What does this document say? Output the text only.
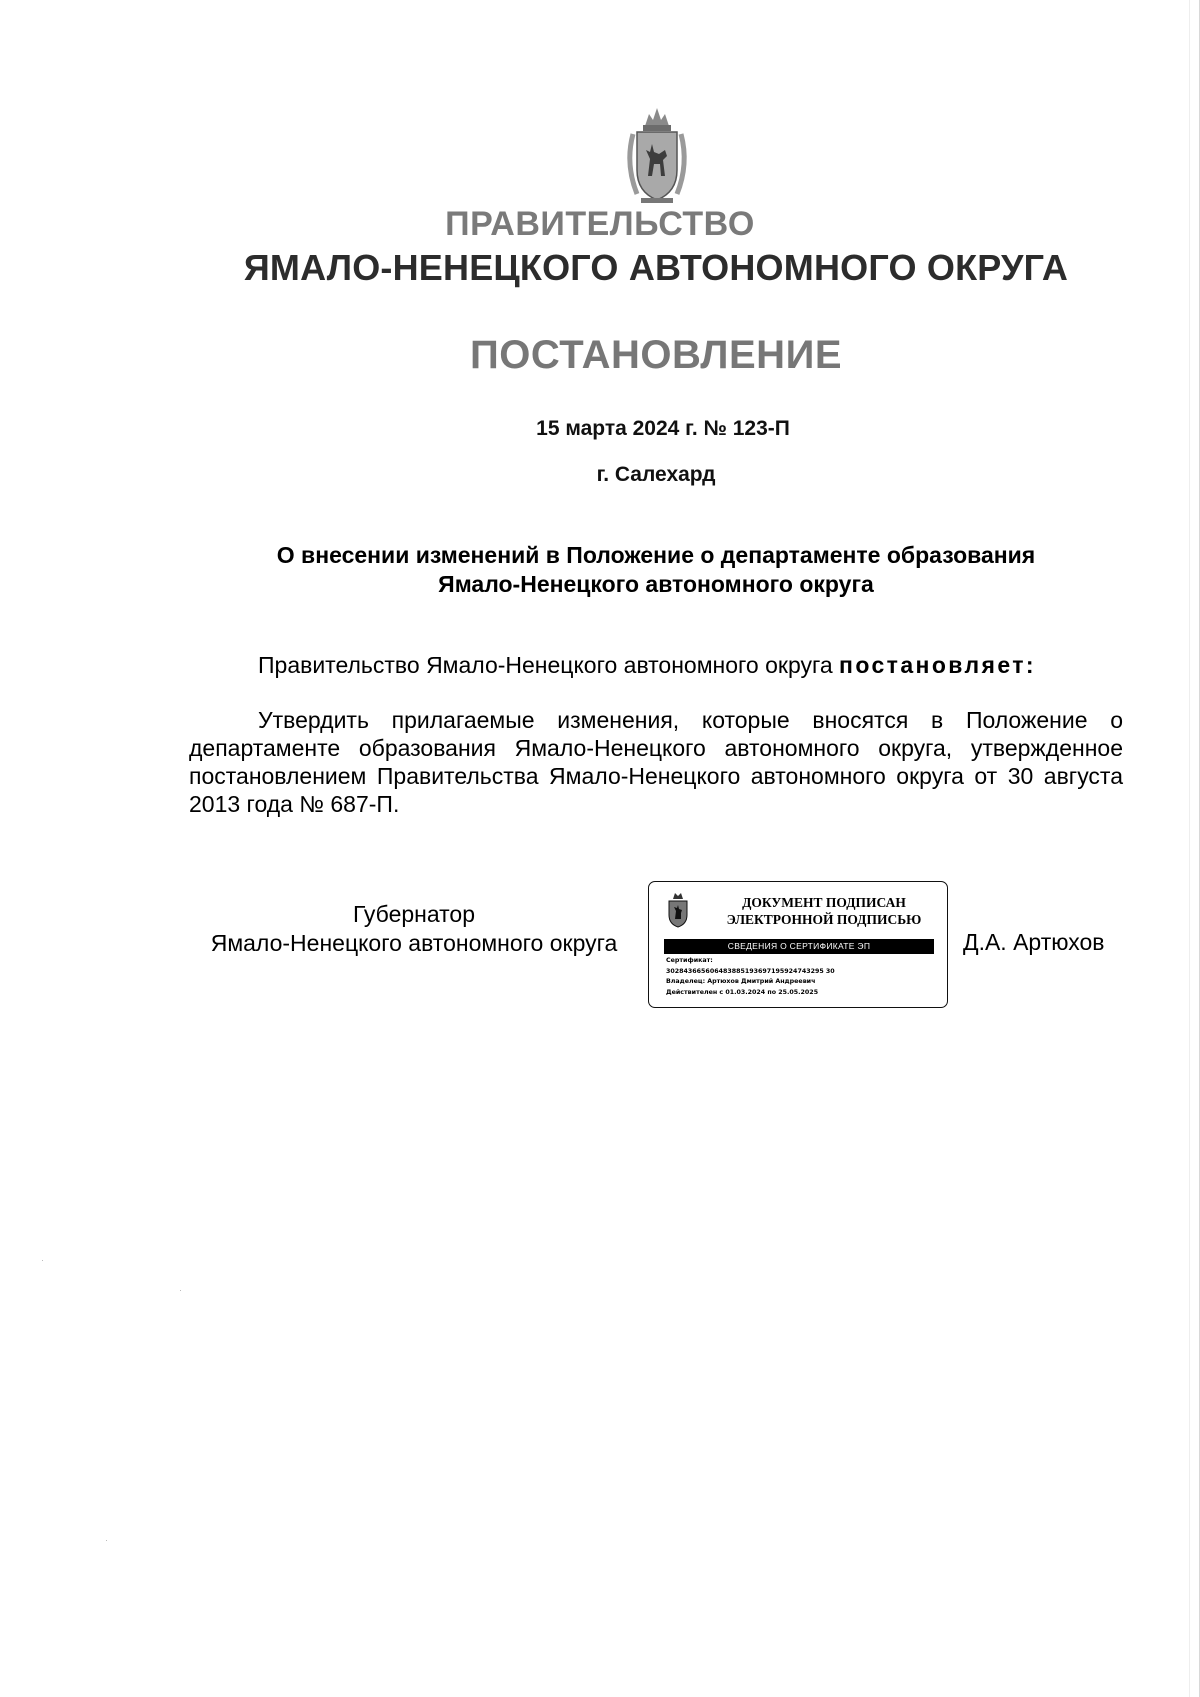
ПРАВИТЕЛЬСТВО
ЯМАЛО-НЕНЕЦКОГО АВТОНОМНОГО ОКРУГА
ПОСТАНОВЛЕНИЕ
15 марта 2024 г. № 123-П
г. Салехард
О внесении изменений в Положение о департаменте образования
Ямало-Ненецкого автономного округа
Правительство Ямало-Ненецкого автономного округа постановляет:
Утвердить прилагаемые изменения, которые вносятся в Положение о департаменте образования Ямало-Ненецкого автономного округа, утвержденное постановлением Правительства Ямало-Ненецкого автономного округа от 30 августа 2013 года № 687-П.
Губернатор
Ямало-Ненецкого автономного округа
ДОКУМЕНТ ПОДПИСАН
ЭЛЕКТРОННОЙ ПОДПИСЬЮ
СВЕДЕНИЯ О СЕРТИФИКАТЕ ЭП
Сертификат:
302843665606483885193697195924743295 30
Владелец: Артюхов Дмитрий Андреевич
Действителен с 01.03.2024 по 25.05.2025
Д.А. Артюхов
